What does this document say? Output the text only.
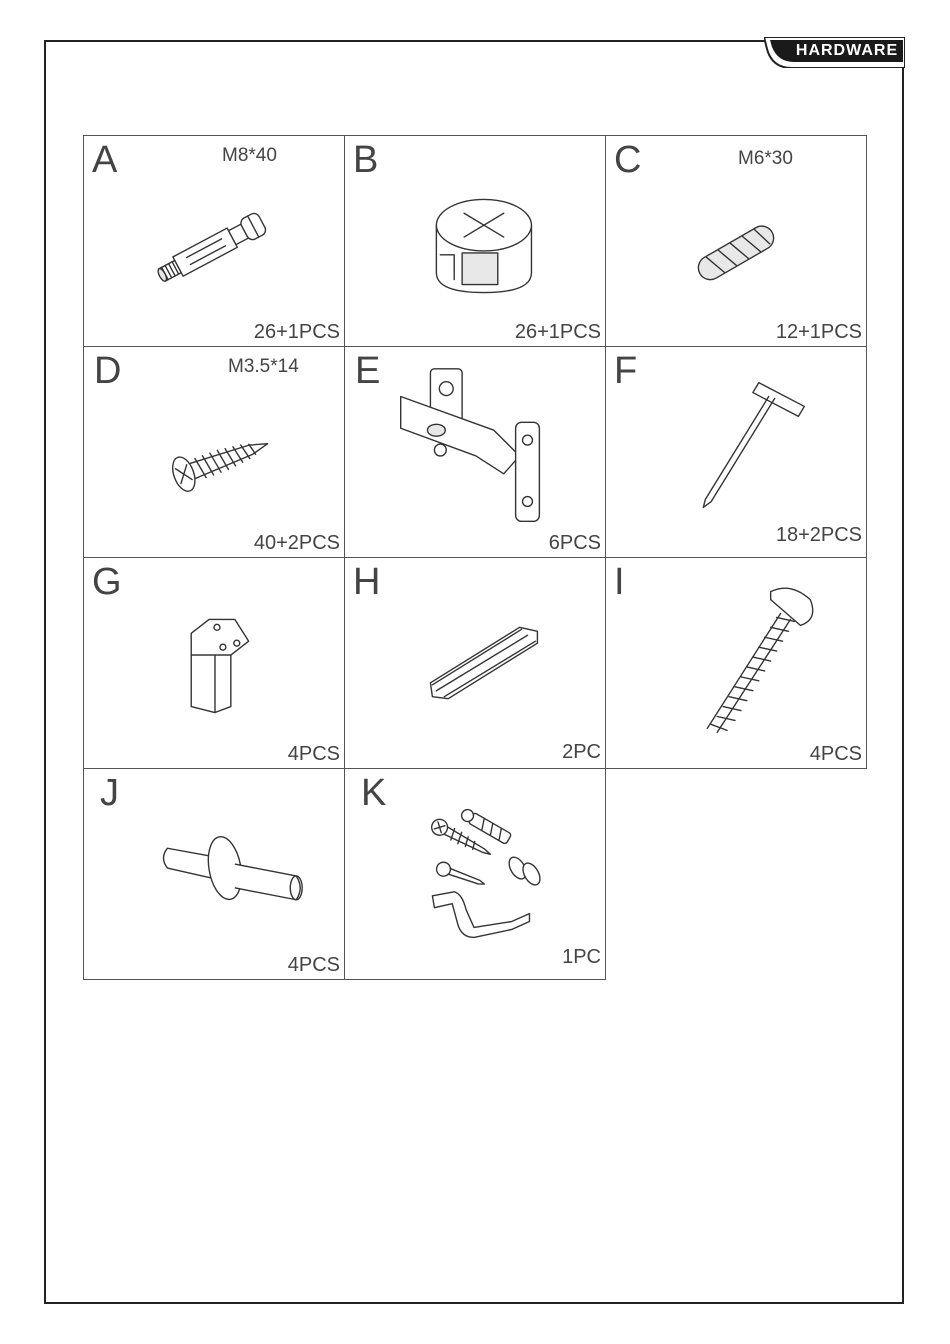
HARDWARE
A	M8*40
26+1PCS
B
26+1PCS
C	M6*30
12+1PCS
D	M3.5*14
40+2PCS
E
6PCS
F
18+2PCS
G
4PCS
H
2PC
I
4PCS
J
4PCS
K
1PC
